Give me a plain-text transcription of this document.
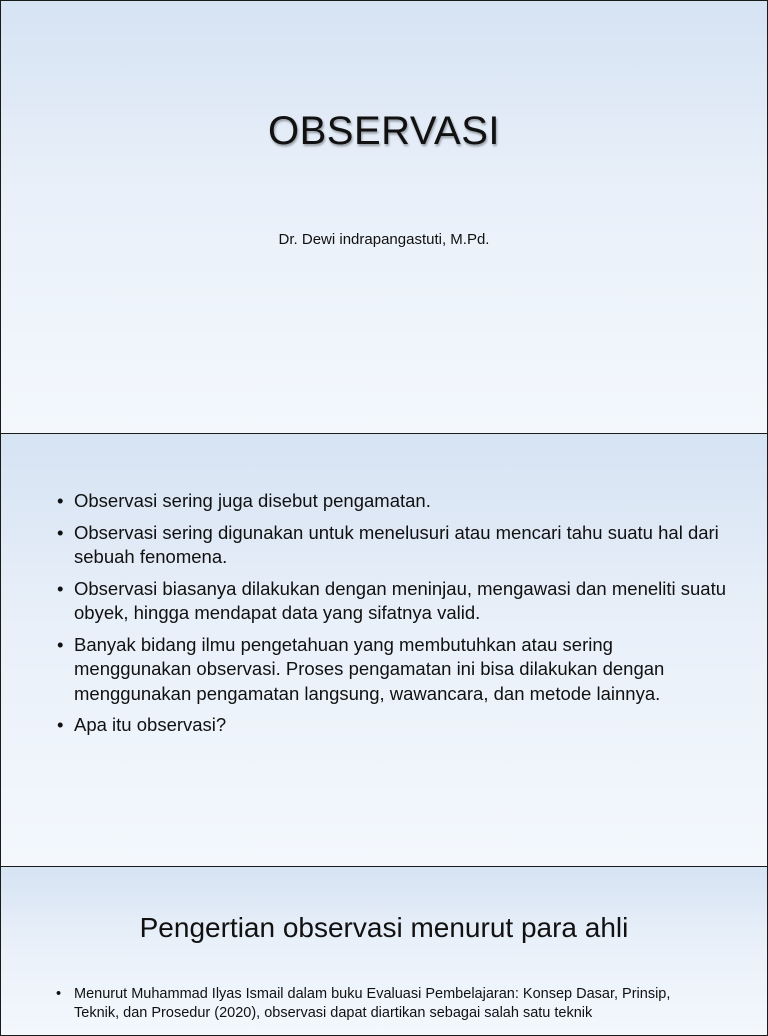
OBSERVASI
Dr. Dewi indrapangastuti, M.Pd.
• Observasi sering juga disebut pengamatan.
• Observasi sering digunakan untuk menelusuri atau mencari tahu suatu hal dari sebuah fenomena.
• Observasi biasanya dilakukan dengan meninjau, mengawasi dan meneliti suatu obyek, hingga mendapat data yang sifatnya valid.
• Banyak bidang ilmu pengetahuan yang membutuhkan atau sering menggunakan observasi. Proses pengamatan ini bisa dilakukan dengan menggunakan pengamatan langsung, wawancara, dan metode lainnya.
• Apa itu observasi?
Pengertian observasi menurut para ahli
• Menurut Muhammad Ilyas Ismail dalam buku Evaluasi Pembelajaran: Konsep Dasar, Prinsip, Teknik, dan Prosedur (2020), observasi dapat diartikan sebagai salah satu teknik
